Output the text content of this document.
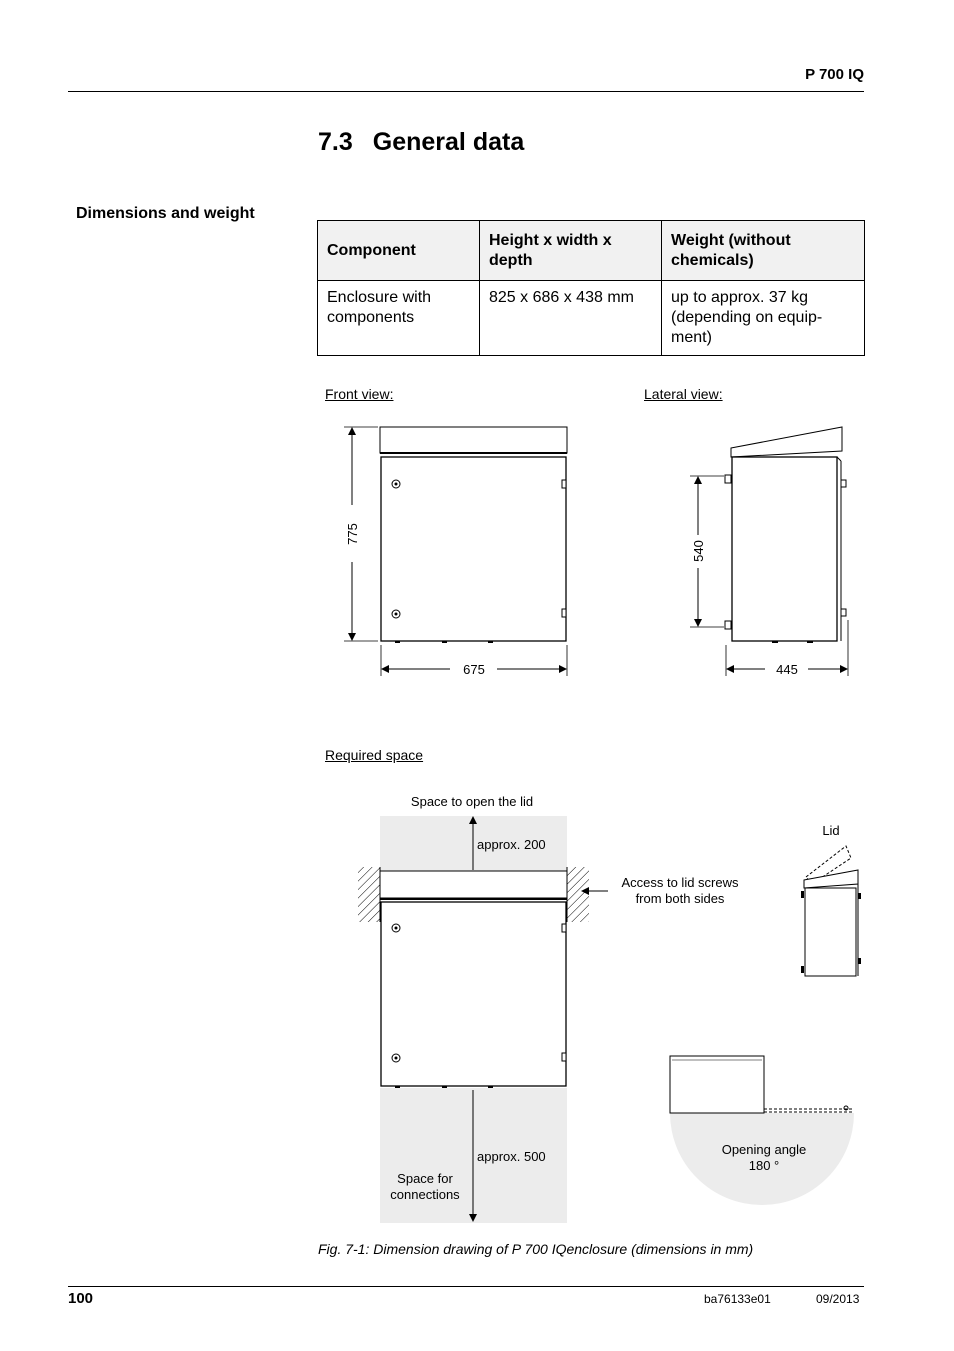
P 700 IQ
7.3 General data
Dimensions and weight
Component	Height x width x depth	Weight (without chemicals)
Enclosure with components	825 x 686 x 438 mm	up to approx. 37 kg (depending on equip-ment)
Front view:	Lateral view:
Required space
775
675
540
445
Space to open the lid
approx. 200
approx. 500
Space for
connections
Access to lid screws
from both sides
Lid
Opening angle
180 °
Fig. 7-1: Dimension drawing of P 700 IQenclosure (dimensions in mm)
100	ba76133e01	09/2013
